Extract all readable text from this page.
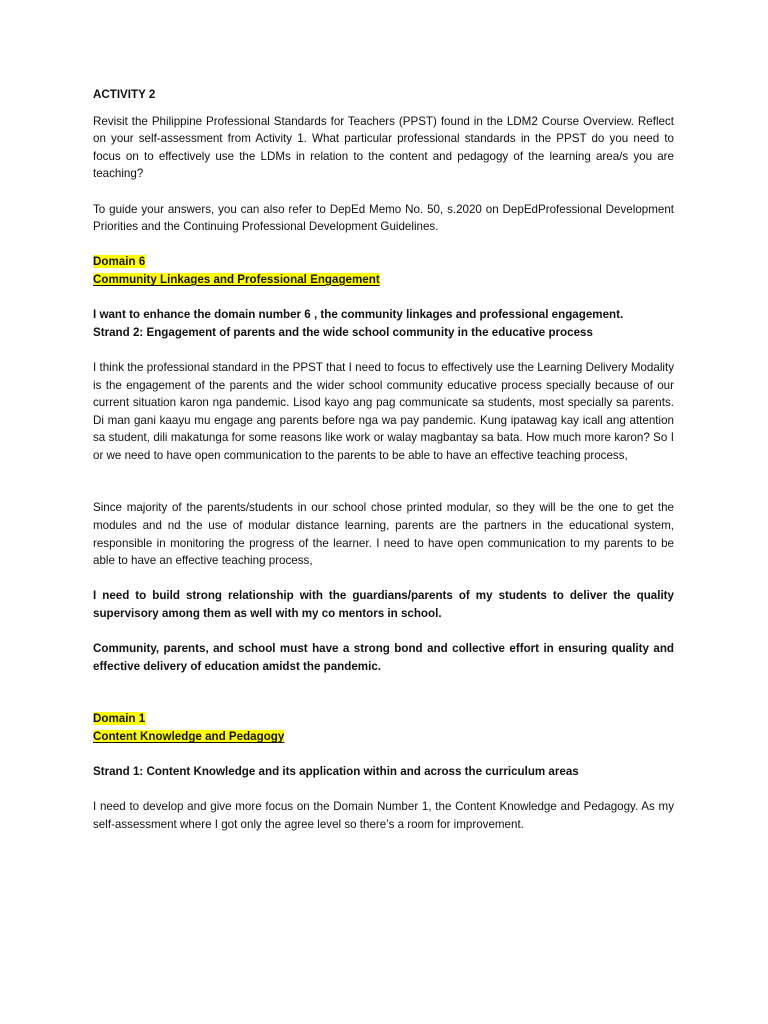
ACTIVITY 2

Revisit the Philippine Professional Standards for Teachers (PPST) found in the LDM2 Course Overview. Reflect on your self-assessment from Activity 1. What particular professional standards in the PPST do you need to focus on to effectively use the LDMs in relation to the content and pedagogy of the learning area/s you are teaching?

To guide your answers, you can also refer to DepEd Memo No. 50, s.2020 on DepEdProfessional Development Priorities and the Continuing Professional Development Guidelines.

Domain 6
Community Linkages and Professional Engagement

I want to enhance the domain number 6 , the community linkages and professional engagement.

Strand 2: Engagement of parents and the wide school community in the educative process

I think the professional standard in the PPST that I need to focus to effectively use the Learning Delivery Modality is the engagement of the parents and the wider school community educative process specially because of our current situation karon nga pandemic. Lisod kayo ang pag communicate sa students, most specially sa parents. Di man gani kaayu mu engage ang parents before nga wa pay pandemic. Kung ipatawag kay icall ang attention sa student, dili makatunga for some reasons like work or walay magbantay sa bata. How much more karon? So I or we need to have open communication to the parents to be able to have an effective teaching process,

Since majority of the parents/students in our school chose printed modular, so they will be the one to get the modules and nd the use of modular distance learning, parents are the partners in the educational system, responsible in monitoring the progress of the learner. I need to have open communication to my parents to be able to have an effective teaching process,

I need to build strong relationship with the guardians/parents of my students to deliver the quality supervisory among them as well with my co mentors in school.

Community, parents, and school must have a strong bond and collective effort in ensuring quality and effective delivery of education amidst the pandemic.

Domain 1
Content Knowledge and Pedagogy

Strand 1: Content Knowledge and its application within and across the curriculum areas

I need to develop and give more focus on the Domain Number 1, the Content Knowledge and Pedagogy. As my self-assessment where I got only the agree level so there’s a room for improvement.
